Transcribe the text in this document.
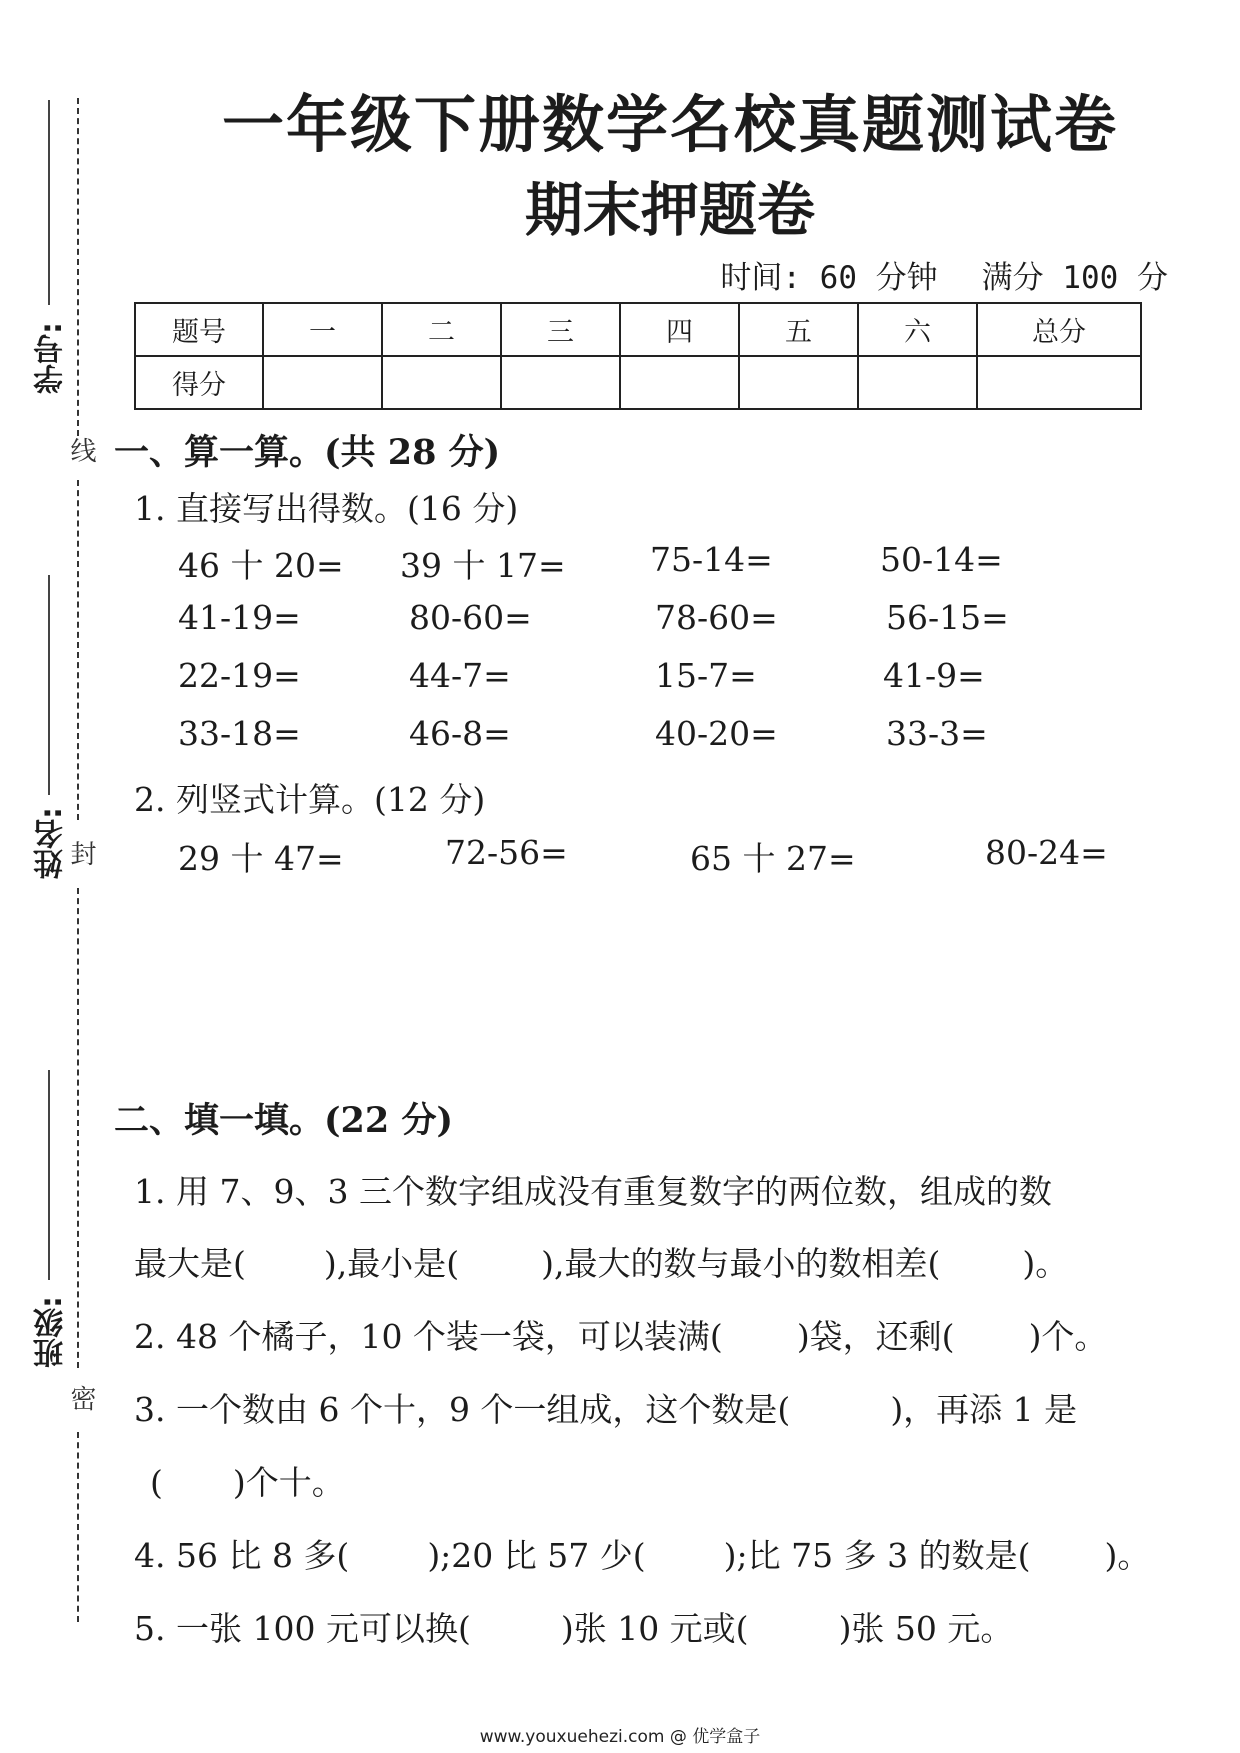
线
封
密
学号:
姓名:
班级:
一年级下册数学名校真题测试卷
期末押题卷
时间: 60 分钟 满分 100 分
题号	一	二	三	四	五	六	总分
得分							
一、算一算。(共 28 分)
1. 直接写出得数。(16 分)
46 十 20= 39 十 17=	75-14=	50-14=
41-19=	80-60=	78-60=	56-15=
22-19=	44-7=	15-7=	41-9=
33-18=	46-8=	40-20=	33-3=
2. 列竖式计算。(12 分)
29 十 47=	72-56=	65 十 27=	80-24=
二、填一填。(22 分)
1. 用 7、9、3 三个数字组成没有重复数字的两位数，组成的数
最大是( ),最小是( ),最大的数与最小的数相差( )。
2. 48 个橘子，10 个装一袋，可以装满( )袋，还剩( )个。
3. 一个数由 6 个十，9 个一组成，这个数是(	)，再添 1 是
( )个十。
4. 56 比 8 多( );20 比 57 少( );比 75 多 3 的数是( )。
5. 一张 100 元可以换(	)张 10 元或(	)张 50 元。
www.youxuehezi.com @ 优学盒子
